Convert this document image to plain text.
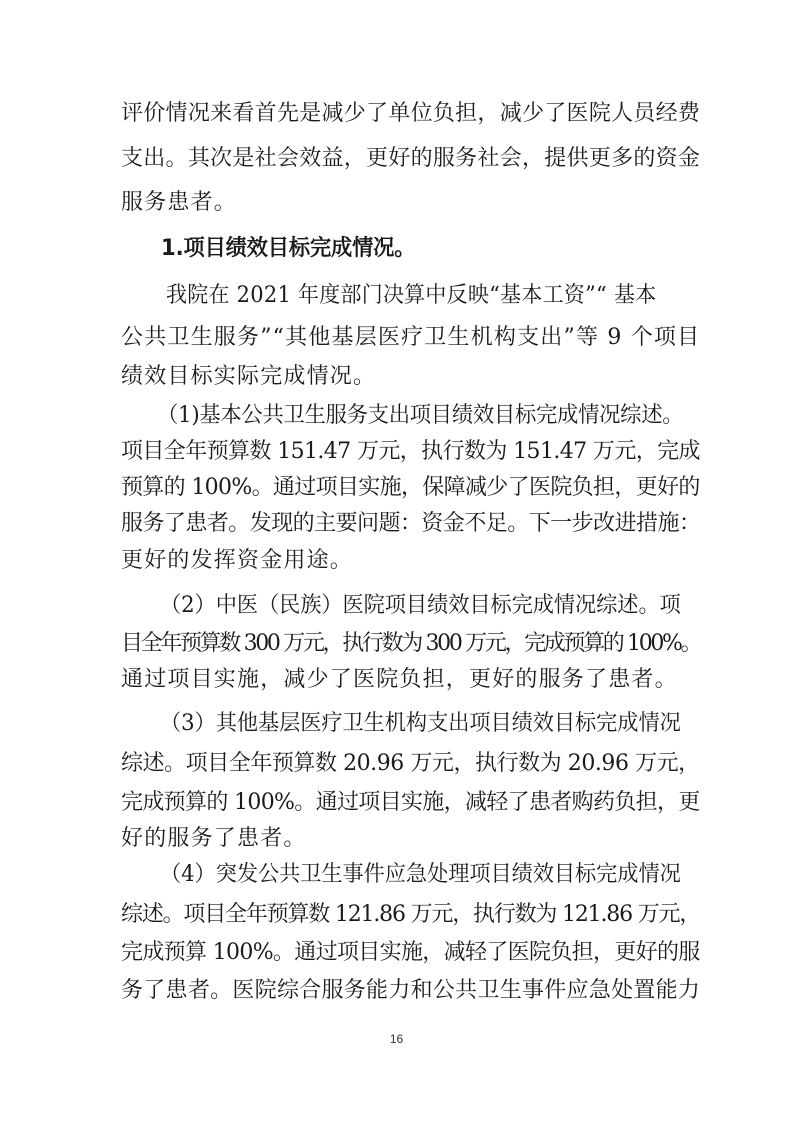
评价情况来看首先是减少了单位负担，减少了医院人员经费
支出。其次是社会效益，更好的服务社会，提供更多的资金
服务患者。
1.项目绩效目标完成情况。
我院在 2021 年度部门决算中反映“基本工资”“ 基本
公共卫生服务”“其他基层医疗卫生机构支出”等 9 个项目
绩效目标实际完成情况。
（1)基本公共卫生服务支出项目绩效目标完成情况综述。
项目全年预算数 151.47 万元，执行数为 151.47 万元，完成
预算的 100%。通过项目实施，保障减少了医院负担，更好的
服务了患者。发现的主要问题：资金不足。下一步改进措施：
更好的发挥资金用途。
（2）中医（民族）医院项目绩效目标完成情况综述。项
目全年预算数 300 万元，执行数为 300 万元，完成预算的 100%。
通过项目实施，减少了医院负担，更好的服务了患者。
（3）其他基层医疗卫生机构支出项目绩效目标完成情况
综述。项目全年预算数 20.96 万元，执行数为 20.96 万元，
完成预算的 100%。通过项目实施，减轻了患者购药负担，更
好的服务了患者。
（4）突发公共卫生事件应急处理项目绩效目标完成情况
综述。项目全年预算数 121.86 万元，执行数为 121.86 万元，
完成预算 100%。通过项目实施，减轻了医院负担，更好的服
务了患者。医院综合服务能力和公共卫生事件应急处置能力
16
